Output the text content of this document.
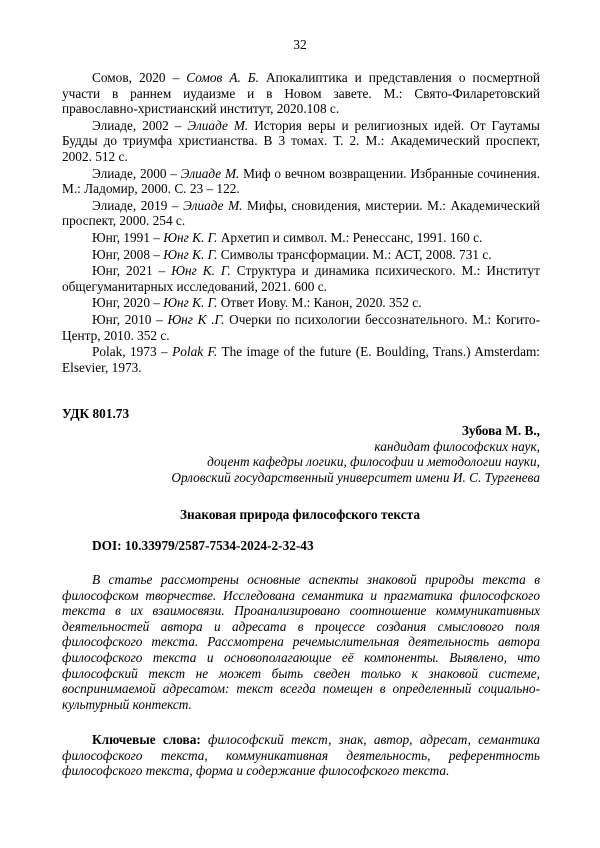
32

Сомов, 2020 – Сомов А. Б. Апокалиптика и представления о посмертной участи в раннем иудаизме и в Новом завете. М.: Свято-Филаретовский православно-христианский институт, 2020.108 с.

Элиаде, 2002 – Элиаде М. История веры и религиозных идей. От Гаутамы Будды до триумфа христианства. В 3 томах. Т. 2. М.: Академический проспект, 2002. 512 с.

Элиаде, 2000 – Элиаде М. Миф о вечном возвращении. Избранные сочинения. М.: Ладомир, 2000. С. 23 – 122.

Элиаде, 2019 – Элиаде М. Мифы, сновидения, мистерии. М.: Академический проспект, 2000. 254 с.

Юнг, 1991 – Юнг К. Г. Архетип и символ. М.: Ренессанс, 1991. 160 с.

Юнг, 2008 – Юнг К. Г. Символы трансформации. М.: АСТ, 2008. 731 с.

Юнг, 2021 – Юнг К. Г. Структура и динамика психического. М.: Институт общегуманитарных исследований, 2021. 600 с.

Юнг, 2020 – Юнг К. Г. Ответ Иову. М.: Канон, 2020. 352 с.

Юнг, 2010 – Юнг К .Г. Очерки по психологии бессознательного. М.: Когито-Центр, 2010. 352 с.

Polak, 1973 – Polak F. The image of the future (E. Boulding, Trans.) Amsterdam: Elsevier, 1973.

УДК 801.73
Зубова М. В.,
кандидат философских наук,
доцент кафедры логики, философии и методологии науки,
Орловский государственный университет имени И. С. Тургенева
Знаковая природа философского текста
DOI: 10.33979/2587-7534-2024-2-32-43

В статье рассмотрены основные аспекты знаковой природы текста в философском творчестве. Исследована семантика и прагматика философского текста в их взаимосвязи. Проанализировано соотношение коммуникативных деятельностей автора и адресата в процессе создания смыслового поля философского текста. Рассмотрена речемыслительная деятельность автора философского текста и основополагающие её компоненты. Выявлено, что философский текст не может быть сведен только к знаковой системе, воспринимаемой адресатом: текст всегда помещен в определенный социально-культурный контекст.

Ключевые слова: философский текст, знак, автор, адресат, семантика философского текста, коммуникативная деятельность, референтность философского текста, форма и содержание философского текста.
